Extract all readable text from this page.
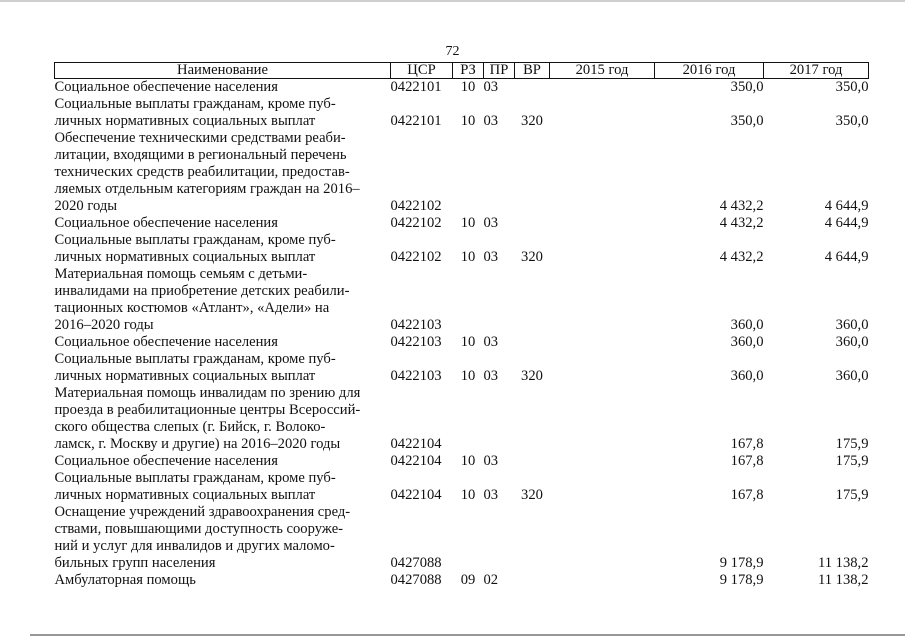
72
Наименование	ЦСР	РЗ	ПР	ВР	2015 год	2016 год	2017 год

Социальное обеспечение населения	0422101	10	03			350,0	350,0

Социальные выплаты гражданам, кроме пуб-
личных нормативных социальных выплат	0422101	10	03	320		350,0	350,0

Обеспечение техническими средствами реаби-
литации, входящими в региональный перечень
технических средств реабилитации, предостав-
ляемых отдельным категориям граждан на 2016–
2020 годы	0422102					4 432,2	4 644,9

Социальное обеспечение населения	0422102	10	03			4 432,2	4 644,9

Социальные выплаты гражданам, кроме пуб-
личных нормативных социальных выплат	0422102	10	03	320		4 432,2	4 644,9

Материальная помощь семьям с детьми-
инвалидами на приобретение детских реабили-
тационных костюмов «Атлант», «Адели» на
2016–2020 годы	0422103					360,0	360,0

Социальное обеспечение населения	0422103	10	03			360,0	360,0

Социальные выплаты гражданам, кроме пуб-
личных нормативных социальных выплат	0422103	10	03	320		360,0	360,0

Материальная помощь инвалидам по зрению для
проезда в реабилитационные центры Всероссий-
ского общества слепых (г. Бийск, г. Волоко-
ламск, г. Москву и другие) на 2016–2020 годы	0422104					167,8	175,9

Социальное обеспечение населения	0422104	10	03			167,8	175,9

Социальные выплаты гражданам, кроме пуб-
личных нормативных социальных выплат	0422104	10	03	320		167,8	175,9

Оснащение учреждений здравоохранения сред-
ствами, повышающими доступность сооруже-
ний и услуг для инвалидов и других маломо-
бильных групп населения	0427088					9 178,9	11 138,2

Амбулаторная помощь	0427088	09	02			9 178,9	11 138,2
